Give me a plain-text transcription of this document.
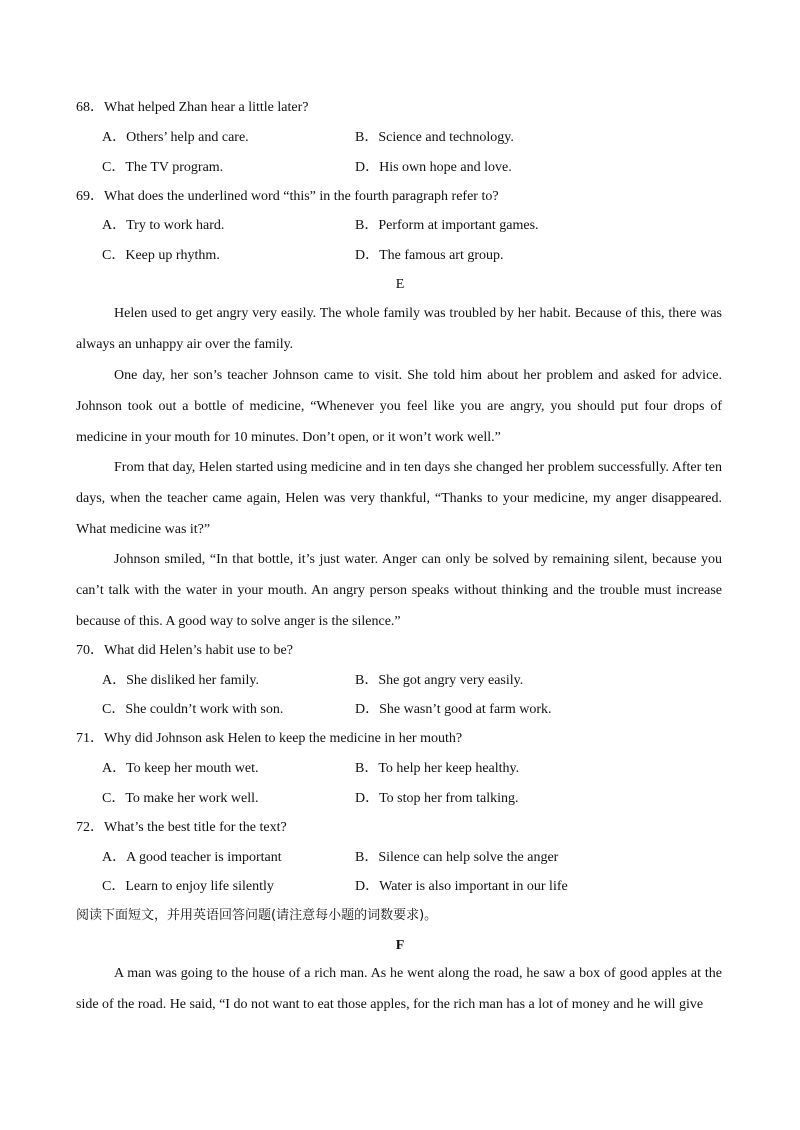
68．What helped Zhan hear a little later?
A．Others’ help and care.	B．Science and technology.
C．The TV program.	D．His own hope and love.
69．What does the underlined word “this” in the fourth paragraph refer to?
A．Try to work hard.	B．Perform at important games.
C．Keep up rhythm.	D．The famous art group.
E
Helen used to get angry very easily. The whole family was troubled by her habit. Because of this, there was always an unhappy air over the family.
One day, her son’s teacher Johnson came to visit. She told him about her problem and asked for advice. Johnson took out a bottle of medicine, “Whenever you feel like you are angry, you should put four drops of medicine in your mouth for 10 minutes. Don’t open, or it won’t work well.”
From that day, Helen started using medicine and in ten days she changed her problem successfully. After ten days, when the teacher came again, Helen was very thankful, “Thanks to your medicine, my anger disappeared. What medicine was it?”
Johnson smiled, “In that bottle, it’s just water. Anger can only be solved by remaining silent, because you can’t talk with the water in your mouth. An angry person speaks without thinking and the trouble must increase because of this. A good way to solve anger is the silence.”
70．What did Helen’s habit use to be?
A．She disliked her family.	B．She got angry very easily.
C．She couldn’t work with son.	D．She wasn’t good at farm work.
71．Why did Johnson ask Helen to keep the medicine in her mouth?
A．To keep her mouth wet.	B．To help her keep healthy.
C．To make her work well.	D．To stop her from talking.
72．What’s the best title for the text?
A．A good teacher is important	B．Silence can help solve the anger
C．Learn to enjoy life silently	D．Water is also important in our life
阅读下面短文，并用英语回答问题(请注意每小题的词数要求)。
F
A man was going to the house of a rich man. As he went along the road, he saw a box of good apples at the side of the road. He said, “I do not want to eat those apples, for the rich man has a lot of money and he will give
